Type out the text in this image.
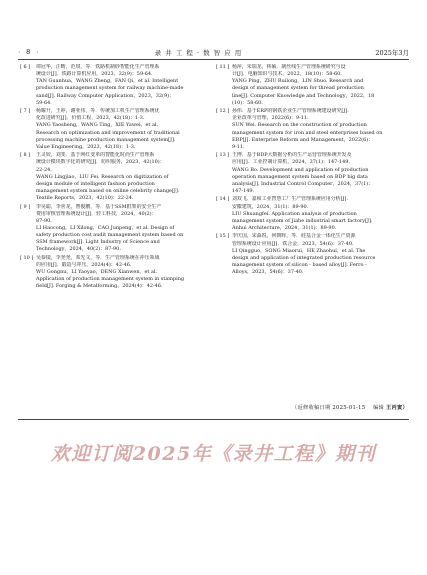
· 8 ·	录 井 工 程 · 数 智 应 用	2025年3月
[ 6 ] 谭冠华，汪畴，范琪，等．铁路机制砂智能化生产管理系
统设计[J]．铁路计算机应用，2023，32(9)：59-64.
TAN Guanhua，WANG Zheng，FAN Qi，et al. Intelligent
production management system for railway machine-made
sand[J]. Railway Computer Application，2023，32(9)：
59-64.
[ 7 ] 杨耀升，王婷，谢亚伟，等．传统加工机生产管理系统优
化改进研究[J]．价值工程，2023，42(18)：1-3.
YANG Yaosheng，WANG Ting，XIE Yawei，et al.
Research on optimization and improvement of traditional
processing machine production management system[J].
Value Engineering，2023，42(18)：1-3.
[ 8 ] 王灵姣，刘斐．基于网红变革的智能化时尚生产管理系
统设计模块数字化的研究[J]．纺织服务，2023，42(10)：
22-24.
WANG Lingjiao，LIU Fei. Research on digitization of
design module of intelligent fashion production
management system based on online celebrity change[J].
Textile Reports，2023，42(10)：22-24.
[ 9 ] 李昊聪，李喜龙，曹俊鹏，等．基于SSM框架的安全生产
费用审核管理系统设计[J]．轻工科技，2024，40(2)：
87-90.
LI Haocong，LI Xilong，CAO Junpeng，et al. Design of
safety production cost audit management system based on
SSM framework[J]. Light Industry of Science and
Technology，2024，40(2)：87-90.
[ 10 ] 吴恭镜，李尧尧，邓先文，等．生产管理系统在冲压领域
的应用[J]．锻造与冲压，2024(4)：42-46.
WU Gongnu，LI Yaoyao，DENG Xianwen，et al.
Application of production management system in stamping
field[J]. Forging & Metalforming，2024(4)：42-46.
[ 11 ] 杨萍，朱瑞龙，林硕．制丝线生产管理系统研究与设
计[J]．电脑知识与技术，2022，18(10)：58-60.
YANG Ping，ZHU Ruilong，LIN Shuo. Research and
design of management system for thread production
line[J]. Computer Knowledge and Technology，2022，18
(10)：58-60.
[ 12 ] 孙伟．基于ERP的钢铁企业生产管理系统建设研究[J].
企业改革与管理，2022(6)：9-11.
SUN Wei. Research on the construction of production
management system for iron and steel enterprises based on
ERP[J]. Enterprise Reform and Management，2022(6)：
9-11.
[ 13 ] 王博．基于BDP大数据分析的生产运营管理系统开发及
应用[J]．工业控制计算机，2024，37(1)：147-149.
WANG Bo. Development and application of production
operation management system based on BDP big data
analysis[J]. Industrial Control Computer，2024，37(1)：
147-149.
[ 14 ] 刘双飞．嘉和工业智慧工厂生产管理系统应用分析[J].
安徽建筑，2024，31(1)：89-90.
LIU Shuangfei. Application analysis of production
management system of Jiahe industrial smart factory[J].
Anhui Architecture，2024，31(1)：89-90.
[ 15 ] 李庆国，宋淼锐，何朝晖，等．硅基合金一体化生产资源
管理系统设计应用[J]．铁合金，2023，54(6)：37-40.
LI Qingguo，SONG Miaorui，HE Zhaohui，et al. The
design and application of integrated production resource
management system of silicon - based alloy[J]. Ferro -
Alloys，2023，54(6)：37-40.
（返修收稿日期 2025-01-15 编辑 王丙寅）
欢迎订阅2025年《录井工程》期刊
